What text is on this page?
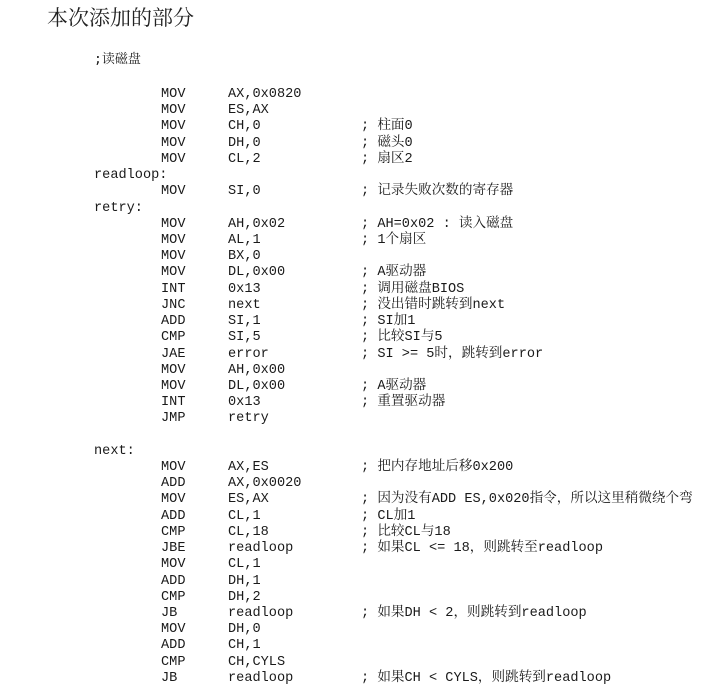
本次添加的部分
;读磁盘
MOV	AX,0x0820
MOV	ES,AX
MOV	CH,0	; 柱面0
MOV	DH,0	; 磁头0
MOV	CL,2	; 扇区2
readloop:
MOV	SI,0	; 记录失败次数的寄存器
retry:
MOV	AH,0x02	; AH=0x02 : 读入磁盘
MOV	AL,1	; 1个扇区
MOV	BX,0
MOV	DL,0x00	; A驱动器
INT	0x13	; 调用磁盘BIOS
JNC	next	; 没出错时跳转到next
ADD	SI,1	; SI加1
CMP	SI,5	; 比较SI与5
JAE	error	; SI >= 5时，跳转到error
MOV	AH,0x00
MOV	DL,0x00	; A驱动器
INT	0x13	; 重置驱动器
JMP	retry
next:
MOV	AX,ES	; 把内存地址后移0x200
ADD	AX,0x0020
MOV	ES,AX	; 因为没有ADD ES,0x020指令，所以这里稍微绕个弯
ADD	CL,1	; CL加1
CMP	CL,18	; 比较CL与18
JBE	readloop	; 如果CL <= 18，则跳转至readloop
MOV	CL,1
ADD	DH,1
CMP	DH,2
JB	readloop	; 如果DH < 2，则跳转到readloop
MOV	DH,0
ADD	CH,1
CMP	CH,CYLS
JB	readloop	; 如果CH < CYLS，则跳转到readloop
